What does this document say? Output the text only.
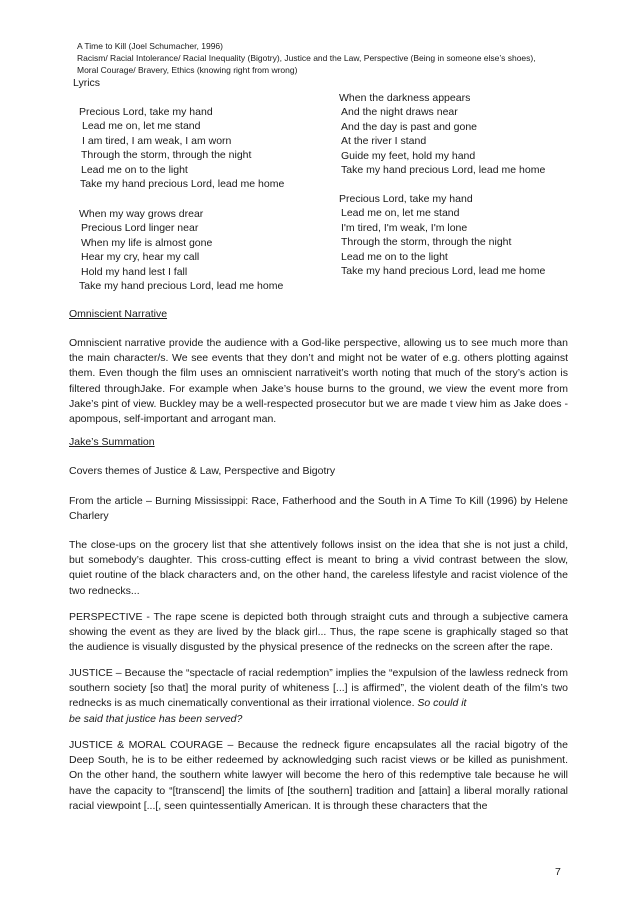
A Time to Kill (Joel Schumacher, 1996)
Racism/ Racial Intolerance/ Racial Inequality (Bigotry), Justice and the Law, Perspective (Being in someone else’s shoes),
Moral Courage/ Bravery, Ethics (knowing right from wrong)
Lyrics
Precious Lord, take my hand
Lead me on, let me stand
I am tired, I am weak, I am worn
Through the storm, through the night
Lead me on to the light
Take my hand precious Lord, lead me home
When my way grows drear
Precious Lord linger near
When my life is almost gone
Hear my cry, hear my call
Hold my hand lest I fall
Take my hand precious Lord, lead me home
When the darkness appears
And the night draws near
And the day is past and gone
At the river I stand
Guide my feet, hold my hand
Take my hand precious Lord, lead me home
Precious Lord, take my hand
Lead me on, let me stand
I'm tired, I'm weak, I'm lone
Through the storm, through the night
Lead me on to the light
Take my hand precious Lord, lead me home
Omniscient Narrative

Omniscient narrative provide the audience with a God-like perspective, allowing us to see much more than the main character/s. We see events that they don’t and might not be water of e.g. others plotting against them. Even though the film uses an omniscient narrativeit’s worth noting that much of the story’s action is filtered throughJake. For example when Jake’s house burns to the ground, we view the event more from Jake’s pint of view. Buckley may be a well-respected prosecutor but we are made t view him as Jake does - apompous, self-important and arrogant man.

Jake’s Summation

Covers themes of Justice & Law, Perspective and Bigotry

From the article – Burning Mississippi: Race, Fatherhood and the South in A Time To Kill (1996) by Helene Charlery

The close-ups on the grocery list that she attentively follows insist on the idea that she is not just a child, but somebody’s daughter. This cross-cutting effect is meant to bring a vivid contrast between the slow, quiet routine of the black characters and, on the other hand, the careless lifestyle and racist violence of the two rednecks...

PERSPECTIVE - The rape scene is depicted both through straight cuts and through a subjective camera showing the event as they are lived by the black girl... Thus, the rape scene is graphically staged so that the audience is visually disgusted by the physical presence of the rednecks on the screen after the rape.

JUSTICE – Because the “spectacle of racial redemption” implies the “expulsion of the lawless redneck from southern society [so that] the moral purity of whiteness [...] is affirmed”, the violent death of the film’s two rednecks is as much cinematically conventional as their irrational violence. So could it
be said that justice has been served?

JUSTICE & MORAL COURAGE – Because the redneck figure encapsulates all the racial bigotry of the Deep South, he is to be either redeemed by acknowledging such racist views or be killed as punishment. On the other hand, the southern white lawyer will become the hero of this redemptive tale because he will have the capacity to “[transcend] the limits of [the southern] tradition and [attain] a liberal morally rational racial viewpoint [...[, seen quintessentially American. It is through these characters that the

7
